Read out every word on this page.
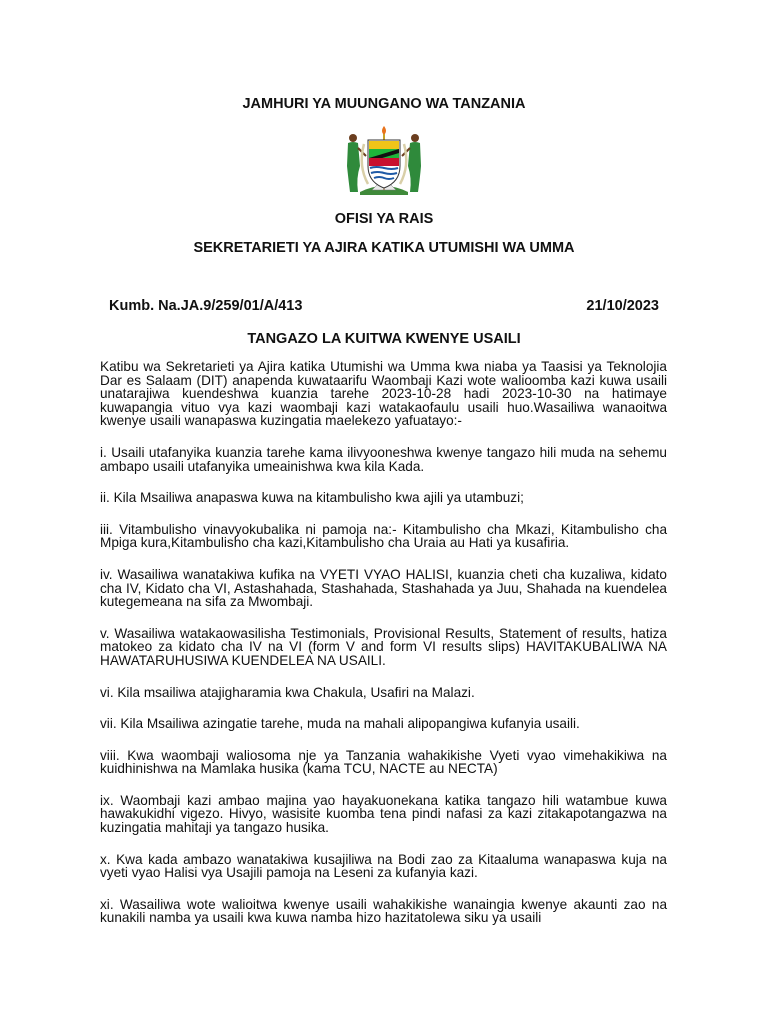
JAMHURI YA MUUNGANO WA TANZANIA
OFISI YA RAIS
SEKRETARIETI YA AJIRA KATIKA UTUMISHI WA UMMA
Kumb. Na.JA.9/259/01/A/413	21/10/2023
TANGAZO LA KUITWA KWENYE USAILI

Katibu wa Sekretarieti ya Ajira katika Utumishi wa Umma kwa niaba ya Taasisi ya Teknolojia Dar es Salaam (DIT) anapenda kuwataarifu Waombaji Kazi wote walioomba kazi kuwa usaili unatarajiwa kuendeshwa kuanzia tarehe 2023-10-28 hadi 2023-10-30 na hatimaye kuwapangia vituo vya kazi waombaji kazi watakaofaulu usaili huo.Wasailiwa wanaoitwa kwenye usaili wanapaswa kuzingatia maelekezo yafuatayo:-

i. Usaili utafanyika kuanzia tarehe kama ilivyooneshwa kwenye tangazo hili muda na sehemu ambapo usaili utafanyika umeainishwa kwa kila Kada.

ii. Kila Msailiwa anapaswa kuwa na kitambulisho kwa ajili ya utambuzi;

iii. Vitambulisho vinavyokubalika ni pamoja na:- Kitambulisho cha Mkazi, Kitambulisho cha Mpiga kura,Kitambulisho cha kazi,Kitambulisho cha Uraia au Hati ya kusafiria.

iv. Wasailiwa wanatakiwa kufika na VYETI VYAO HALISI, kuanzia cheti cha kuzaliwa, kidato cha IV, Kidato cha VI, Astashahada, Stashahada, Stashahada ya Juu, Shahada na kuendelea kutegemeana na sifa za Mwombaji.

v. Wasailiwa watakaowasilisha Testimonials, Provisional Results, Statement of results, hatiza matokeo za kidato cha IV na VI (form V and form VI results slips) HAVITAKUBALIWA NA HAWATARUHUSIWA KUENDELEA NA USAILI.

vi. Kila msailiwa atajigharamia kwa Chakula, Usafiri na Malazi.

vii. Kila Msailiwa azingatie tarehe, muda na mahali alipopangiwa kufanyia usaili.

viii. Kwa waombaji waliosoma nje ya Tanzania wahakikishe Vyeti vyao vimehakikiwa na kuidhinishwa na Mamlaka husika (kama TCU, NACTE au NECTA)

ix. Waombaji kazi ambao majina yao hayakuonekana katika tangazo hili watambue kuwa hawakukidhi vigezo. Hivyo, wasisite kuomba tena pindi nafasi za kazi zitakapotangazwa na kuzingatia mahitaji ya tangazo husika.

x. Kwa kada ambazo wanatakiwa kusajiliwa na Bodi zao za Kitaaluma wanapaswa kuja na vyeti vyao Halisi vya Usajili pamoja na Leseni za kufanyia kazi.

xi. Wasailiwa wote walioitwa kwenye usaili wahakikishe wanaingia kwenye akaunti zao na kunakili namba ya usaili kwa kuwa namba hizo hazitatolewa siku ya usaili
